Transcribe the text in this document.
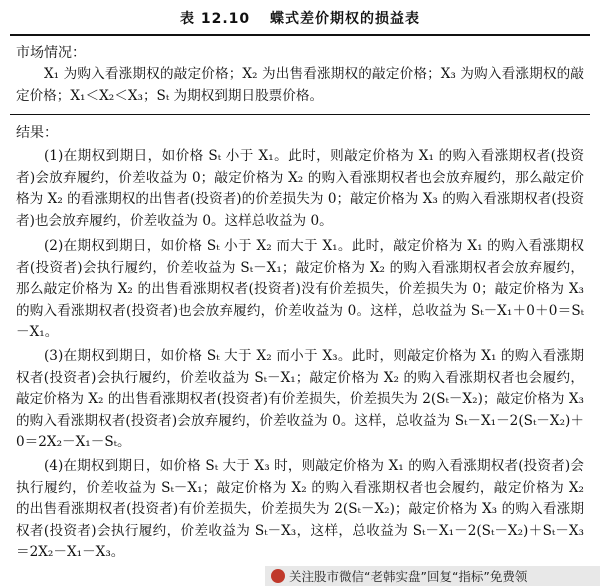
表 12.10 蝶式差价期权的损益表
市场情况：
X₁ 为购入看涨期权的敲定价格；X₂ 为出售看涨期权的敲定价格；X₃ 为购入看涨期权的敲定价格；X₁＜X₂＜X₃；Sₜ 为期权到期日股票价格。
结果：
(1)在期权到期日，如价格 Sₜ 小于 X₁。此时，则敲定价格为 X₁ 的购入看涨期权者(投资者)会放弃履约，价差收益为 0；敲定价格为 X₂ 的购入看涨期权者也会放弃履约，那么敲定价格为 X₂ 的看涨期权的出售者(投资者)的价差损失为 0；敲定价格为 X₃ 的购入看涨期权者(投资者)也会放弃履约，价差收益为 0。这样总收益为 0。
(2)在期权到期日，如价格 Sₜ 小于 X₂ 而大于 X₁。此时，敲定价格为 X₁ 的购入看涨期权者(投资者)会执行履约，价差收益为 Sₜ－X₁；敲定价格为 X₂ 的购入看涨期权者会放弃履约，那么敲定价格为 X₂ 的出售看涨期权者(投资者)没有价差损失，价差损失为 0；敲定价格为 X₃ 的购入看涨期权者(投资者)也会放弃履约，价差收益为 0。这样，总收益为 Sₜ－X₁＋0＋0＝Sₜ－X₁。
(3)在期权到期日，如价格 Sₜ 大于 X₂ 而小于 X₃。此时，则敲定价格为 X₁ 的购入看涨期权者(投资者)会执行履约，价差收益为 Sₜ－X₁；敲定价格为 X₂ 的购入看涨期权者也会履约，敲定价格为 X₂ 的出售看涨期权者(投资者)有价差损失，价差损失为 2(Sₜ－X₂)；敲定价格为 X₃ 的购入看涨期权者(投资者)会放弃履约，价差收益为 0。这样，总收益为 Sₜ－X₁－2(Sₜ－X₂)＋0＝2X₂－X₁－Sₜ。
(4)在期权到期日，如价格 Sₜ 大于 X₃ 时，则敲定价格为 X₁ 的购入看涨期权者(投资者)会执行履约，价差收益为 Sₜ－X₁；敲定价格为 X₂ 的购入看涨期权者也会履约，敲定价格为 X₂ 的出售看涨期权者(投资者)有价差损失，价差损失为 2(Sₜ－X₂)；敲定价格为 X₃ 的购入看涨期权者(投资者)会执行履约，价差收益为 Sₜ－X₃，这样，总收益为 Sₜ－X₁－2(Sₜ－X₂)＋Sₜ－X₃＝2X₂－X₁－X₃。
关注股市微信“老韩实盘”回复“指标”免费领
